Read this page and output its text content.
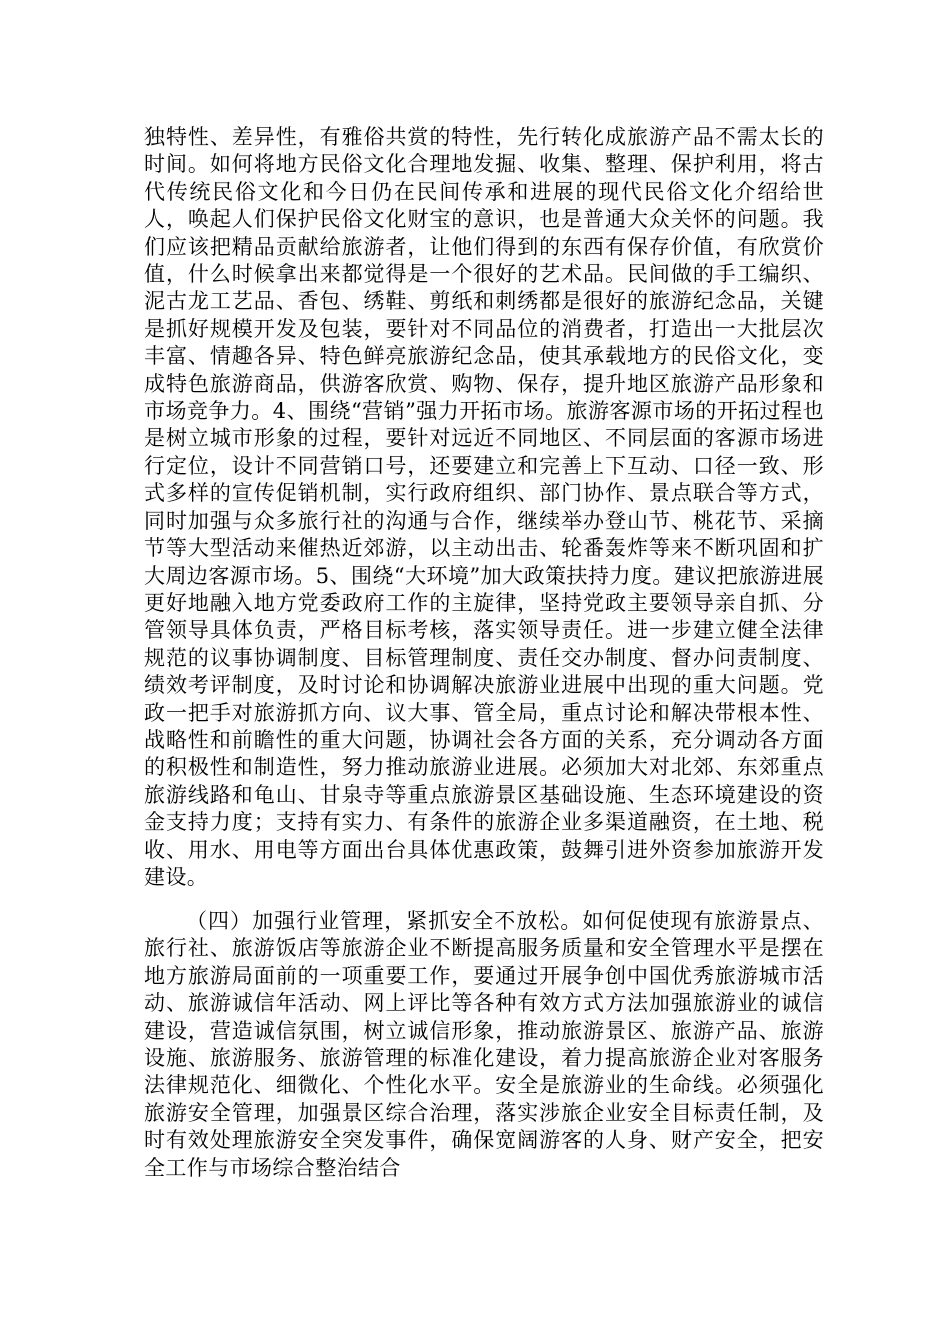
独特性、差异性，有雅俗共赏的特性，先行转化成旅游产品不需太长的时间。如何将地方民俗文化合理地发掘、收集、整理、保护利用，将古代传统民俗文化和今日仍在民间传承和进展的现代民俗文化介绍给世人，唤起人们保护民俗文化财宝的意识，也是普通大众关怀的问题。我们应该把精品贡献给旅游者，让他们得到的东西有保存价值，有欣赏价值，什么时候拿出来都觉得是一个很好的艺术品。民间做的手工编织、泥古龙工艺品、香包、绣鞋、剪纸和刺绣都是很好的旅游纪念品，关键是抓好规模开发及包装，要针对不同品位的消费者，打造出一大批层次丰富、情趣各异、特色鲜亮旅游纪念品，使其承载地方的民俗文化，变成特色旅游商品，供游客欣赏、购物、保存，提升地区旅游产品形象和市场竞争力。4、围绕“营销”强力开拓市场。旅游客源市场的开拓过程也是树立城市形象的过程，要针对远近不同地区、不同层面的客源市场进行定位，设计不同营销口号，还要建立和完善上下互动、口径一致、形式多样的宣传促销机制，实行政府组织、部门协作、景点联合等方式，同时加强与众多旅行社的沟通与合作，继续举办登山节、桃花节、采摘节等大型活动来催热近郊游，以主动出击、轮番轰炸等来不断巩固和扩大周边客源市场。5、围绕“大环境”加大政策扶持力度。建议把旅游进展更好地融入地方党委政府工作的主旋律，坚持党政主要领导亲自抓、分管领导具体负责，严格目标考核，落实领导责任。进一步建立健全法律规范的议事协调制度、目标管理制度、责任交办制度、督办问责制度、绩效考评制度，及时讨论和协调解决旅游业进展中出现的重大问题。党政一把手对旅游抓方向、议大事、管全局，重点讨论和解决带根本性、战略性和前瞻性的重大问题，协调社会各方面的关系，充分调动各方面的积极性和制造性，努力推动旅游业进展。必须加大对北郊、东郊重点旅游线路和龟山、甘泉寺等重点旅游景区基础设施、生态环境建设的资金支持力度；支持有实力、有条件的旅游企业多渠道融资，在土地、税收、用水、用电等方面出台具体优惠政策，鼓舞引进外资参加旅游开发建设。

（四）加强行业管理，紧抓安全不放松。如何促使现有旅游景点、旅行社、旅游饭店等旅游企业不断提高服务质量和安全管理水平是摆在地方旅游局面前的一项重要工作，要通过开展争创中国优秀旅游城市活动、旅游诚信年活动、网上评比等各种有效方式方法加强旅游业的诚信建设，营造诚信氛围，树立诚信形象，推动旅游景区、旅游产品、旅游设施、旅游服务、旅游管理的标准化建设，着力提高旅游企业对客服务法律规范化、细微化、个性化水平。安全是旅游业的生命线。必须强化旅游安全管理，加强景区综合治理，落实涉旅企业安全目标责任制，及时有效处理旅游安全突发事件，确保宽阔游客的人身、财产安全，把安全工作与市场综合整治结合
